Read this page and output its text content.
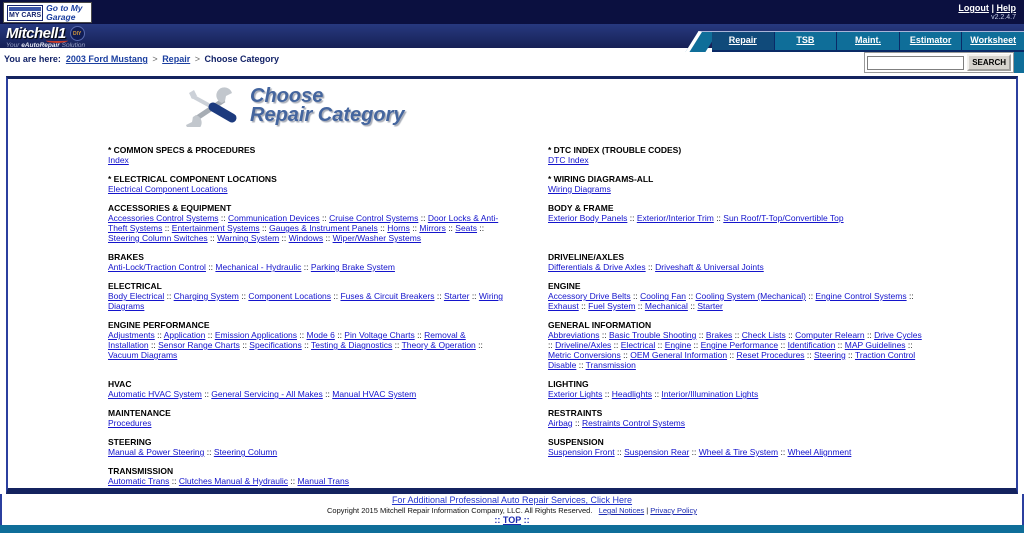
MY CARS
Go to My Garage
Logout | Help
v2.2.4.7
Mitchell1	DIY
Your eAutoRepair Solution
Repair	TSB	Maint.	Estimator	Worksheet
You are here: 2003 Ford Mustang > Repair > Choose Category	SEARCH
Choose
Repair Category
* COMMON SPECS & PROCEDURES
Index

* DTC INDEX (TROUBLE CODES)
DTC Index

* ELECTRICAL COMPONENT LOCATIONS
Electrical Component Locations

* WIRING DIAGRAMS-ALL
Wiring Diagrams

ACCESSORIES & EQUIPMENT
Accessories Control Systems :: Communication Devices :: Cruise Control Systems :: Door Locks & Anti-Theft Systems :: Entertainment Systems :: Gauges & Instrument Panels :: Horns :: Mirrors :: Seats :: Steering Column Switches :: Warning System :: Windows :: Wiper/Washer Systems

BODY & FRAME
Exterior Body Panels :: Exterior/Interior Trim :: Sun Roof/T-Top/Convertible Top

BRAKES
Anti-Lock/Traction Control :: Mechanical - Hydraulic :: Parking Brake System

DRIVELINE/AXLES
Differentials & Drive Axles :: Driveshaft & Universal Joints

ELECTRICAL
Body Electrical :: Charging System :: Component Locations :: Fuses & Circuit Breakers :: Starter :: Wiring Diagrams

ENGINE
Accessory Drive Belts :: Cooling Fan :: Cooling System (Mechanical) :: Engine Control Systems :: Exhaust :: Fuel System :: Mechanical :: Starter

ENGINE PERFORMANCE
Adjustments :: Application :: Emission Applications :: Mode 6 :: Pin Voltage Charts :: Removal & Installation :: Sensor Range Charts :: Specifications :: Testing & Diagnostics :: Theory & Operation :: Vacuum Diagrams

GENERAL INFORMATION
Abbreviations :: Basic Trouble Shooting :: Brakes :: Check Lists :: Computer Relearn :: Drive Cycles :: Driveline/Axles :: Electrical :: Engine :: Engine Performance :: Identification :: MAP Guidelines :: Metric Conversions :: OEM General Information :: Reset Procedures :: Steering :: Traction Control Disable :: Transmission

HVAC
Automatic HVAC System :: General Servicing - All Makes :: Manual HVAC System

LIGHTING
Exterior Lights :: Headlights :: Interior/Illumination Lights

MAINTENANCE
Procedures

RESTRAINTS
Airbag :: Restraints Control Systems

STEERING
Manual & Power Steering :: Steering Column

SUSPENSION
Suspension Front :: Suspension Rear :: Wheel & Tire System :: Wheel Alignment

TRANSMISSION
Automatic Trans :: Clutches Manual & Hydraulic :: Manual Trans	

For Additional Professional Auto Repair Services, Click Here
Copyright 2015 Mitchell Repair Information Company, LLC. All Rights Reserved. Legal Notices | Privacy Policy
:: TOP ::
